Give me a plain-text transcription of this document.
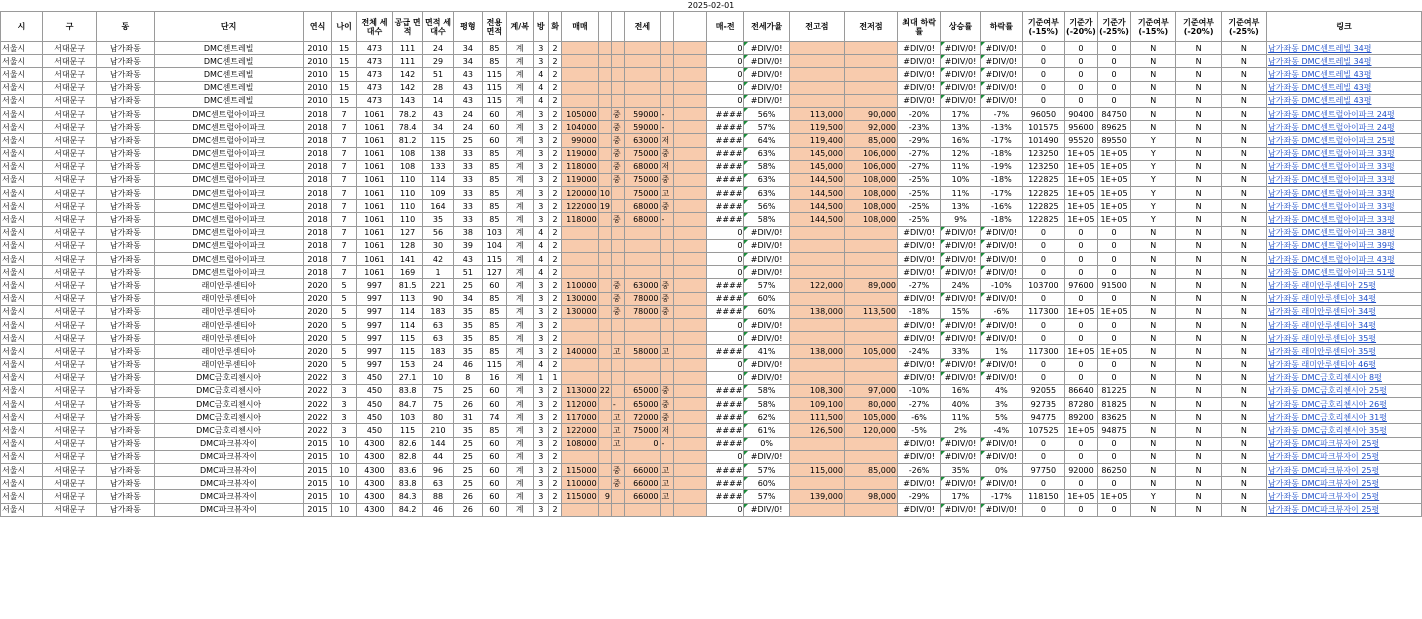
2025-02-01
시	구	동	단지	연식	나이	전체 세대수	공급 면적	면적 세대수	평형	전용 면적	계/복	방	화	매매			전세			매-전	전세가율	전고점	전저점	최대 하락률	상승률	하락률	기준여부 (-15%)	기준가 (-20%)	기준가 (-25%)	기준여부 (-15%)	기준여부 (-20%)	기준여부 (-25%)	링크
서울시	서대문구	남가좌동	DMC센트레빌	2010	15	473	111	24	34	85	계	3	2							0	#DIV/0!			#DIV/0!	#DIV/0!	#DIV/0!	0	0	0	N	N	N	남가좌동 DMC센트레빌 34평
서울시	서대문구	남가좌동	DMC센트레빌	2010	15	473	111	29	34	85	계	3	2							0	#DIV/0!			#DIV/0!	#DIV/0!	#DIV/0!	0	0	0	N	N	N	남가좌동 DMC센트레빌 34평
서울시	서대문구	남가좌동	DMC센트레빌	2010	15	473	142	51	43	115	계	4	2							0	#DIV/0!			#DIV/0!	#DIV/0!	#DIV/0!	0	0	0	N	N	N	남가좌동 DMC센트레빌 43평
서울시	서대문구	남가좌동	DMC센트레빌	2010	15	473	142	28	43	115	계	4	2							0	#DIV/0!			#DIV/0!	#DIV/0!	#DIV/0!	0	0	0	N	N	N	남가좌동 DMC센트레빌 43평
서울시	서대문구	남가좌동	DMC센트레빌	2010	15	473	143	14	43	115	계	4	2							0	#DIV/0!			#DIV/0!	#DIV/0!	#DIV/0!	0	0	0	N	N	N	남가좌동 DMC센트레빌 43평
서울시	서대문구	남가좌동	DMC센트럴아이파크	2018	7	1061	78.2	43	24	60	계	3	2	105000		중	59000	-		####	56%	113,000	90,000	-20%	17%	-7%	96050	90400	84750	N	N	N	남가좌동 DMC센트럴아이파크 24평
서울시	서대문구	남가좌동	DMC센트럴아이파크	2018	7	1061	78.4	34	24	60	계	3	2	104000		중	59000	-		####	57%	119,500	92,000	-23%	13%	-13%	101575	95600	89625	N	N	N	남가좌동 DMC센트럴아이파크 24평
서울시	서대문구	남가좌동	DMC센트럴아이파크	2018	7	1061	81.2	115	25	60	계	3	2	99000		중	63000	저		####	64%	119,400	85,000	-29%	16%	-17%	101490	95520	89550	Y	N	N	남가좌동 DMC센트럴아이파크 25평
서울시	서대문구	남가좌동	DMC센트럴아이파크	2018	7	1061	108	138	33	85	계	3	2	119000		중	75000	중		####	63%	145,000	106,000	-27%	12%	-18%	123250	1E+05	1E+05	Y	N	N	남가좌동 DMC센트럴아이파크 33평
서울시	서대문구	남가좌동	DMC센트럴아이파크	2018	7	1061	108	133	33	85	계	3	2	118000		중	68000	저		####	58%	145,000	106,000	-27%	11%	-19%	123250	1E+05	1E+05	Y	N	N	남가좌동 DMC센트럴아이파크 33평
서울시	서대문구	남가좌동	DMC센트럴아이파크	2018	7	1061	110	114	33	85	계	3	2	119000		중	75000	중		####	63%	144,500	108,000	-25%	10%	-18%	122825	1E+05	1E+05	Y	N	N	남가좌동 DMC센트럴아이파크 33평
서울시	서대문구	남가좌동	DMC센트럴아이파크	2018	7	1061	110	109	33	85	계	3	2	120000	10		75000	고		####	63%	144,500	108,000	-25%	11%	-17%	122825	1E+05	1E+05	Y	N	N	남가좌동 DMC센트럴아이파크 33평
서울시	서대문구	남가좌동	DMC센트럴아이파크	2018	7	1061	110	164	33	85	계	3	2	122000	19		68000	중		####	56%	144,500	108,000	-25%	13%	-16%	122825	1E+05	1E+05	Y	N	N	남가좌동 DMC센트럴아이파크 33평
서울시	서대문구	남가좌동	DMC센트럴아이파크	2018	7	1061	110	35	33	85	계	3	2	118000		중	68000	-		####	58%	144,500	108,000	-25%	9%	-18%	122825	1E+05	1E+05	Y	N	N	남가좌동 DMC센트럴아이파크 33평
서울시	서대문구	남가좌동	DMC센트럴아이파크	2018	7	1061	127	56	38	103	계	4	2							0	#DIV/0!			#DIV/0!	#DIV/0!	#DIV/0!	0	0	0	N	N	N	남가좌동 DMC센트럴아이파크 38평
서울시	서대문구	남가좌동	DMC센트럴아이파크	2018	7	1061	128	30	39	104	계	4	2							0	#DIV/0!			#DIV/0!	#DIV/0!	#DIV/0!	0	0	0	N	N	N	남가좌동 DMC센트럴아이파크 39평
서울시	서대문구	남가좌동	DMC센트럴아이파크	2018	7	1061	141	42	43	115	계	4	2							0	#DIV/0!			#DIV/0!	#DIV/0!	#DIV/0!	0	0	0	N	N	N	남가좌동 DMC센트럴아이파크 43평
서울시	서대문구	남가좌동	DMC센트럴아이파크	2018	7	1061	169	1	51	127	계	4	2							0	#DIV/0!			#DIV/0!	#DIV/0!	#DIV/0!	0	0	0	N	N	N	남가좌동 DMC센트럴아이파크 51평
서울시	서대문구	남가좌동	래미안루센티아	2020	5	997	81.5	221	25	60	계	3	2	110000		중	63000	중		####	57%	122,000	89,000	-27%	24%	-10%	103700	97600	91500	N	N	N	남가좌동 래미안루센티아 25평
서울시	서대문구	남가좌동	래미안루센티아	2020	5	997	113	90	34	85	계	3	2	130000		중	78000	중		####	60%			#DIV/0!	#DIV/0!	#DIV/0!	0	0	0	N	N	N	남가좌동 래미안루센티아 34평
서울시	서대문구	남가좌동	래미안루센티아	2020	5	997	114	183	35	85	계	3	2	130000		중	78000	중		####	60%	138,000	113,500	-18%	15%	-6%	117300	1E+05	1E+05	N	N	N	남가좌동 래미안루센티아 34평
서울시	서대문구	남가좌동	래미안루센티아	2020	5	997	114	63	35	85	계	3	2							0	#DIV/0!			#DIV/0!	#DIV/0!	#DIV/0!	0	0	0	N	N	N	남가좌동 래미안루센티아 34평
서울시	서대문구	남가좌동	래미안루센티아	2020	5	997	115	63	35	85	계	3	2							0	#DIV/0!			#DIV/0!	#DIV/0!	#DIV/0!	0	0	0	N	N	N	남가좌동 래미안루센티아 35평
서울시	서대문구	남가좌동	래미안루센티아	2020	5	997	115	183	35	85	계	3	2	140000		고	58000	고		####	41%	138,000	105,000	-24%	33%	1%	117300	1E+05	1E+05	N	N	N	남가좌동 래미안루센티아 35평
서울시	서대문구	남가좌동	래미안루센티아	2020	5	997	153	24	46	115	계	4	2							0	#DIV/0!			#DIV/0!	#DIV/0!	#DIV/0!	0	0	0	N	N	N	남가좌동 래미안루센티아 46평
서울시	서대문구	남가좌동	DMC금호리첸시아	2022	3	450	27.1	10	8	16	계	1	1							0	#DIV/0!			#DIV/0!	#DIV/0!	#DIV/0!	0	0	0	N	N	N	남가좌동 DMC금호리첸시아 8평
서울시	서대문구	남가좌동	DMC금호리첸시아	2022	3	450	83.8	75	25	60	계	3	2	113000	22		65000	중		####	58%	108,300	97,000	-10%	16%	4%	92055	86640	81225	N	N	N	남가좌동 DMC금호리첸시아 25평
서울시	서대문구	남가좌동	DMC금호리첸시아	2022	3	450	84.7	75	26	60	계	3	2	112000		-	65000	중		####	58%	109,100	80,000	-27%	40%	3%	92735	87280	81825	N	N	N	남가좌동 DMC금호리첸시아 26평
서울시	서대문구	남가좌동	DMC금호리첸시아	2022	3	450	103	80	31	74	계	3	2	117000		고	72000	중		####	62%	111,500	105,000	-6%	11%	5%	94775	89200	83625	N	N	N	남가좌동 DMC금호리첸시아 31평
서울시	서대문구	남가좌동	DMC금호리첸시아	2022	3	450	115	210	35	85	계	3	2	122000		고	75000	저		####	61%	126,500	120,000	-5%	2%	-4%	107525	1E+05	94875	N	N	N	남가좌동 DMC금호리첸시아 35평
서울시	서대문구	남가좌동	DMC파크뷰자이	2015	10	4300	82.6	144	25	60	계	3	2	108000		고	0	-		####	0%			#DIV/0!	#DIV/0!	#DIV/0!	0	0	0	N	N	N	남가좌동 DMC파크뷰자이 25평
서울시	서대문구	남가좌동	DMC파크뷰자이	2015	10	4300	82.8	44	25	60	계	3	2							0	#DIV/0!			#DIV/0!	#DIV/0!	#DIV/0!	0	0	0	N	N	N	남가좌동 DMC파크뷰자이 25평
서울시	서대문구	남가좌동	DMC파크뷰자이	2015	10	4300	83.6	96	25	60	계	3	2	115000		중	66000	고		####	57%	115,000	85,000	-26%	35%	0%	97750	92000	86250	N	N	N	남가좌동 DMC파크뷰자이 25평
서울시	서대문구	남가좌동	DMC파크뷰자이	2015	10	4300	83.8	63	25	60	계	3	2	110000		중	66000	고		####	60%			#DIV/0!	#DIV/0!	#DIV/0!	0	0	0	N	N	N	남가좌동 DMC파크뷰자이 25평
서울시	서대문구	남가좌동	DMC파크뷰자이	2015	10	4300	84.3	88	26	60	계	3	2	115000	9		66000	고		####	57%	139,000	98,000	-29%	17%	-17%	118150	1E+05	1E+05	Y	N	N	남가좌동 DMC파크뷰자이 25평
서울시	서대문구	남가좌동	DMC파크뷰자이	2015	10	4300	84.2	46	26	60	계	3	2							0	#DIV/0!			#DIV/0!	#DIV/0!	#DIV/0!	0	0	0	N	N	N	남가좌동 DMC파크뷰자이 25평
